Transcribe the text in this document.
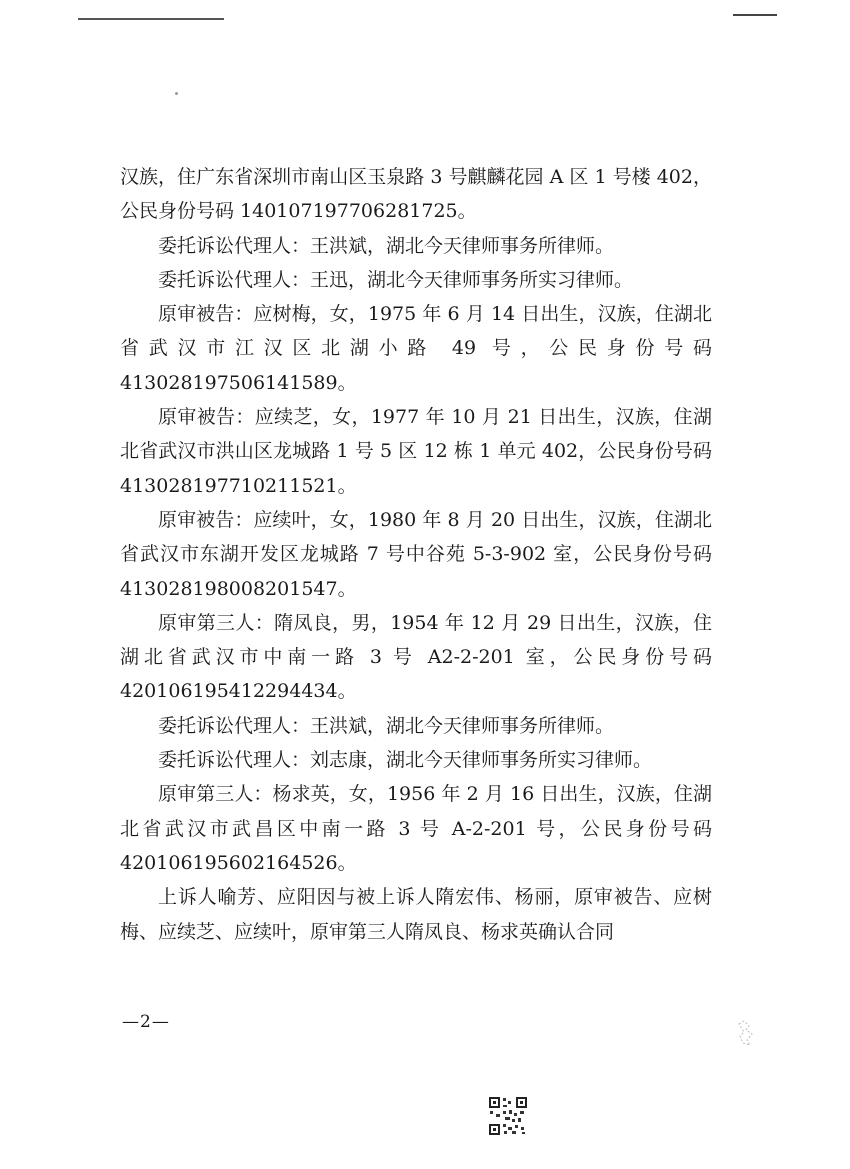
汉族，住广东省深圳市南山区玉泉路 3 号麒麟花园 A 区 1 号楼 402，公民身份号码 140107197706281725。

委托诉讼代理人：王洪斌，湖北今天律师事务所律师。

委托诉讼代理人：王迅，湖北今天律师事务所实习律师。

原审被告：应树梅，女，1975 年 6 月 14 日出生，汉族，住湖北省武汉市江汉区北湖小路 49 号，公民身份号码 413028197506141589。

原审被告：应续芝，女，1977 年 10 月 21 日出生，汉族，住湖北省武汉市洪山区龙城路 1 号 5 区 12 栋 1 单元 402，公民身份号码 413028197710211521。

原审被告：应续叶，女，1980 年 8 月 20 日出生，汉族，住湖北省武汉市东湖开发区龙城路 7 号中谷苑 5-3-902 室，公民身份号码 413028198008201547。

原审第三人：隋凤良，男，1954 年 12 月 29 日出生，汉族，住湖北省武汉市中南一路 3 号 A2-2-201 室，公民身份号码 420106195412294434。

委托诉讼代理人：王洪斌，湖北今天律师事务所律师。

委托诉讼代理人：刘志康，湖北今天律师事务所实习律师。

原审第三人：杨求英，女，1956 年 2 月 16 日出生，汉族，住湖北省武汉市武昌区中南一路 3 号 A-2-201 号，公民身份号码 420106195602164526。

上诉人喻芳、应阳因与被上诉人隋宏伟、杨丽，原审被告、应树梅、应续芝、应续叶，原审第三人隋凤良、杨求英确认合同

—2—
